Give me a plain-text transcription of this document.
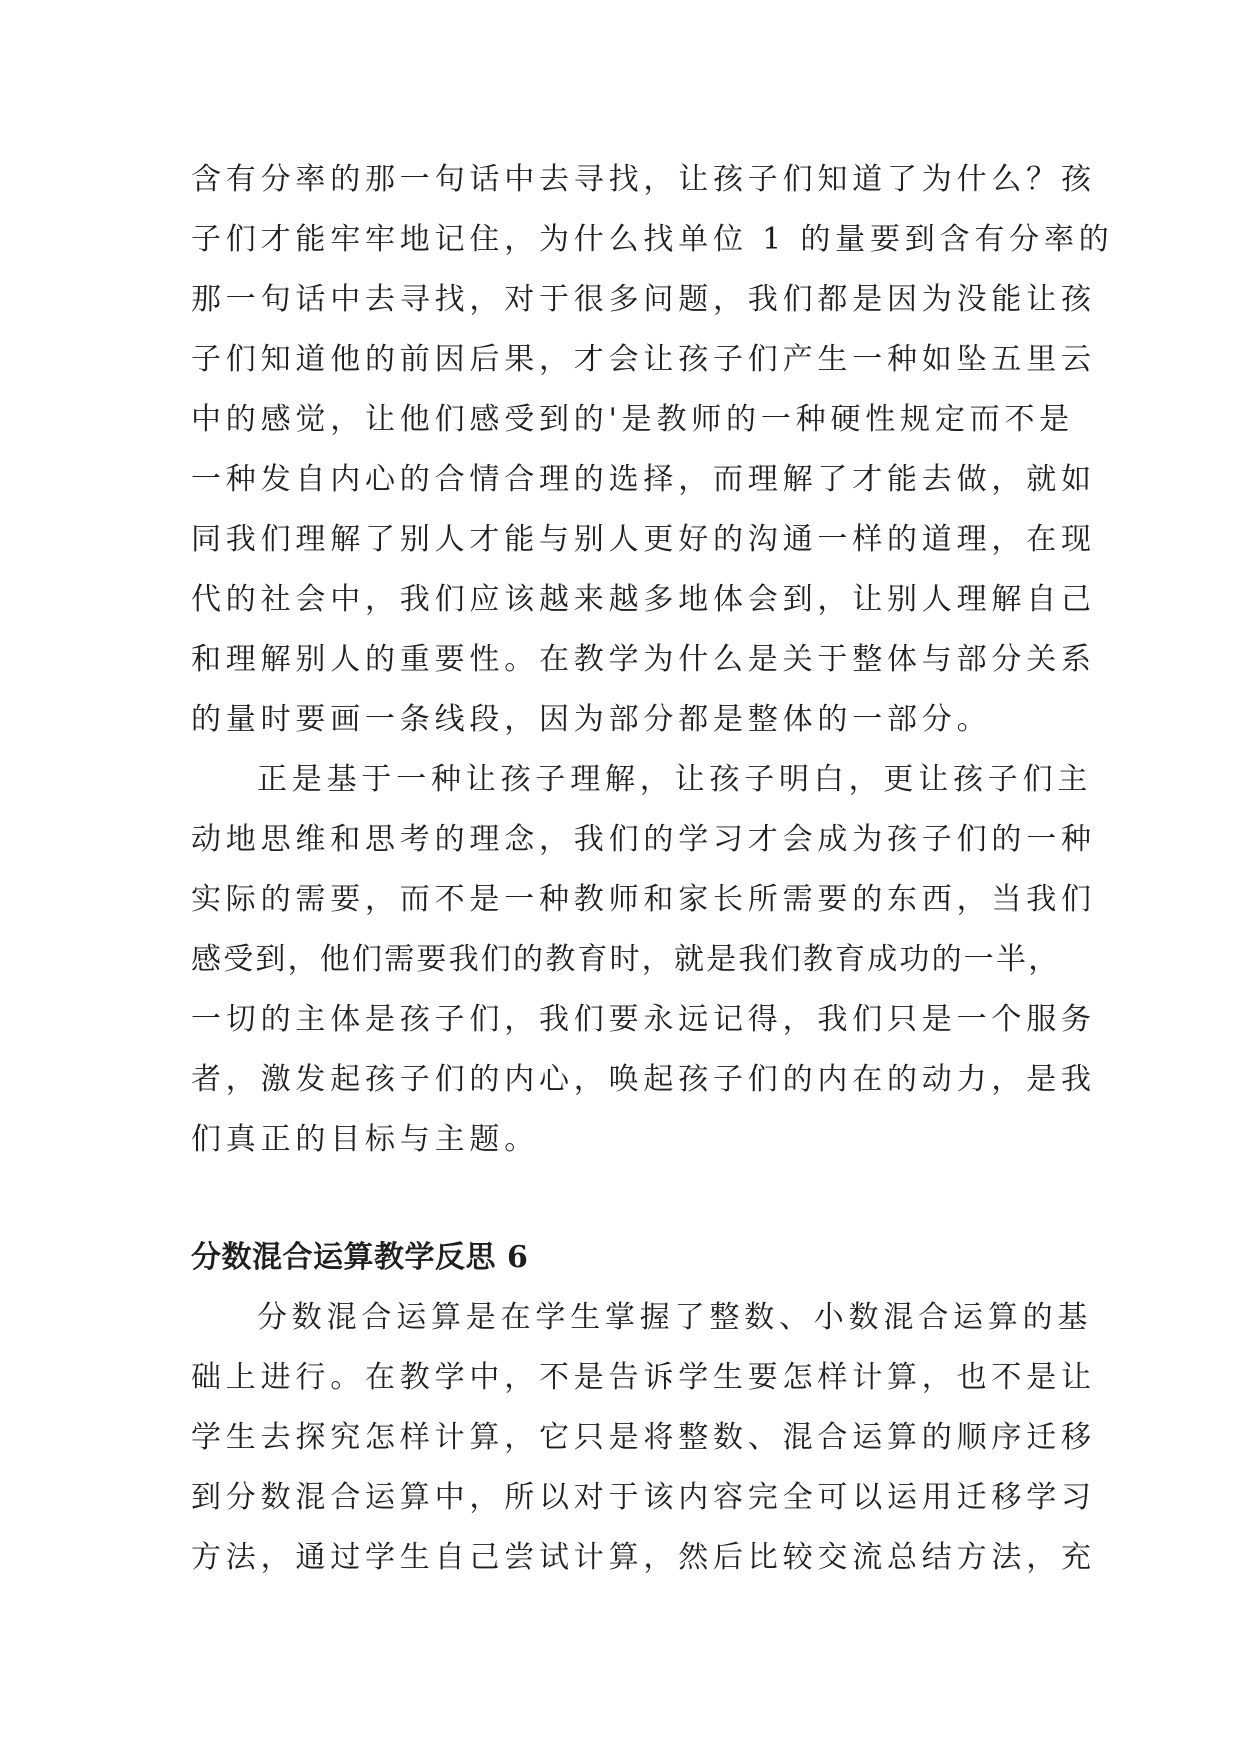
含有分率的那一句话中去寻找，让孩子们知道了为什么？孩
子们才能牢牢地记住，为什么找单位 1 的量要到含有分率的
那一句话中去寻找，对于很多问题，我们都是因为没能让孩
子们知道他的前因后果，才会让孩子们产生一种如坠五里云
中的感觉，让他们感受到的'是教师的一种硬性规定而不是
一种发自内心的合情合理的选择，而理解了才能去做，就如
同我们理解了别人才能与别人更好的沟通一样的道理，在现
代的社会中，我们应该越来越多地体会到，让别人理解自己
和理解别人的重要性。在教学为什么是关于整体与部分关系
的量时要画一条线段，因为部分都是整体的一部分。
正是基于一种让孩子理解，让孩子明白，更让孩子们主
动地思维和思考的理念，我们的学习才会成为孩子们的一种
实际的需要，而不是一种教师和家长所需要的东西，当我们
感受到，他们需要我们的教育时，就是我们教育成功的一半，
一切的主体是孩子们，我们要永远记得，我们只是一个服务
者，激发起孩子们的内心，唤起孩子们的内在的动力，是我
们真正的目标与主题。
分数混合运算教学反思 6
分数混合运算是在学生掌握了整数、小数混合运算的基
础上进行。在教学中，不是告诉学生要怎样计算，也不是让
学生去探究怎样计算，它只是将整数、混合运算的顺序迁移
到分数混合运算中，所以对于该内容完全可以运用迁移学习
方法，通过学生自己尝试计算，然后比较交流总结方法，充
